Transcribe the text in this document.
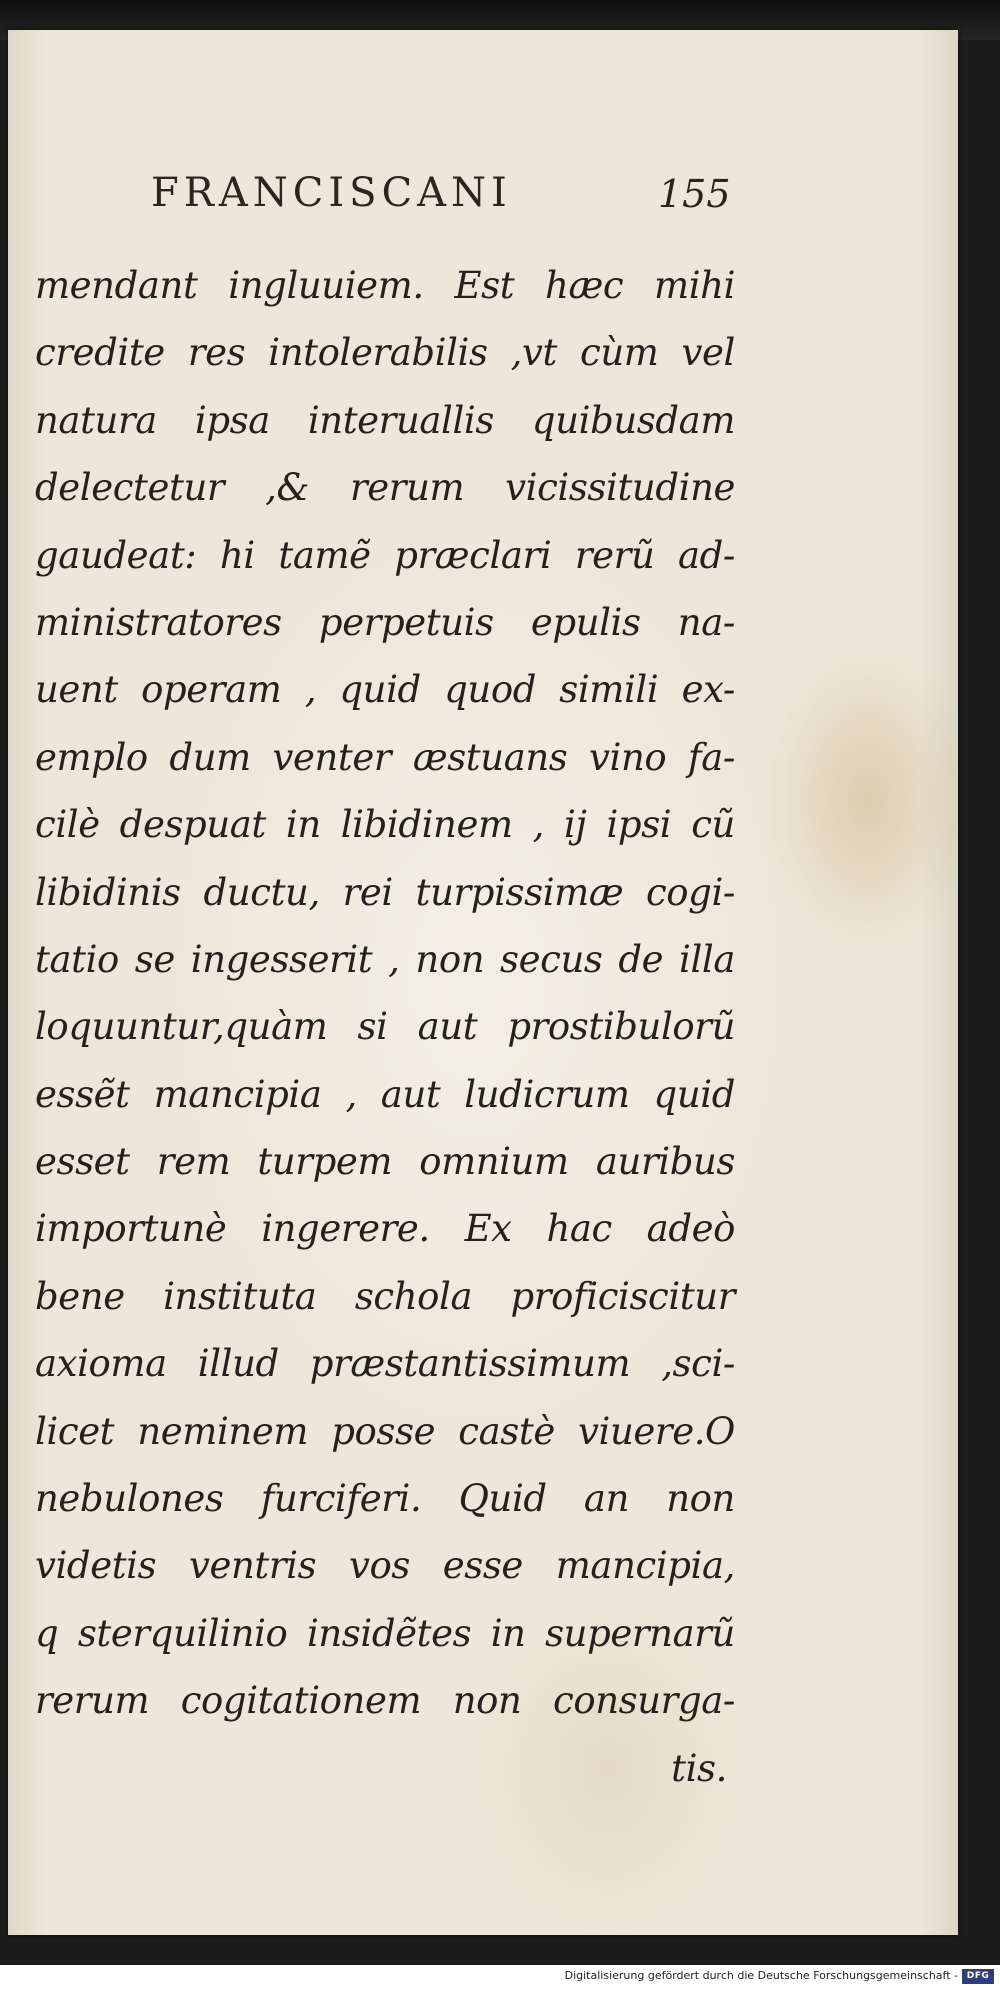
FRANCISCANI	155
mendant ingluuiem. Est hæc mihi
credite res intolerabilis ,vt cùm vel
natura ipsa interuallis quibusdam
delectetur ,& rerum vicissitudine
gaudeat: hi tamẽ præclari rerũ ad-
ministratores perpetuis epulis na-
uent operam , quid quod simili ex-
emplo dum venter æstuans vino fa-
cilè despuat in libidinem , ij ipsi cũ
libidinis ductu, rei turpissimæ cogi-
tatio se ingesserit , non secus de illa
loquuntur,quàm si aut prostibulorũ
essẽt mancipia , aut ludicrum quid
esset rem turpem omnium auribus
importunè ingerere. Ex hac adeò
bene instituta schola proficiscitur
axioma illud præstantissimum ,sci-
licet neminem posse castè viuere.O
nebulones furciferi. Quid an non
videtis ventris vos esse mancipia,
q sterquilinio insidẽtes in supernarũ
rerum cogitationem non consurga-
tis.
Digitalisierung gefördert durch die Deutsche Forschungsgemeinschaft - DFG
